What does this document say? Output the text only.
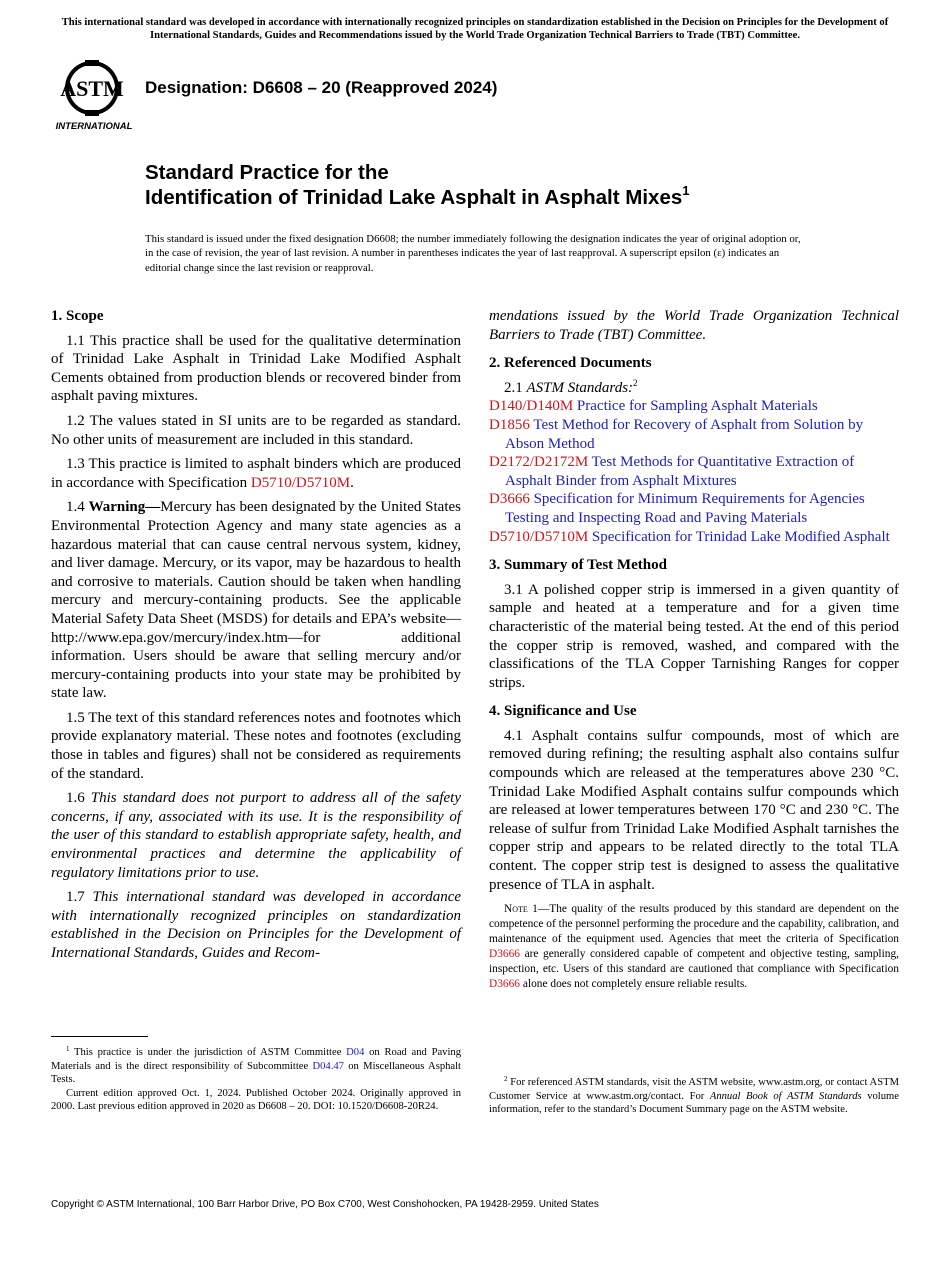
This international standard was developed in accordance with internationally recognized principles on standardization established in the Decision on Principles for the Development of International Standards, Guides and Recommendations issued by the World Trade Organization Technical Barriers to Trade (TBT) Committee.
ASTM
INTERNATIONAL
Designation: D6608 – 20 (Reapproved 2024)
Standard Practice for the
Identification of Trinidad Lake Asphalt in Asphalt Mixes$^1$
This standard is issued under the fixed designation D6608; the number immediately following the designation indicates the year of original adoption or, in the case of revision, the year of last revision. A number in parentheses indicates the year of last reapproval. A superscript epsilon (ε) indicates an editorial change since the last revision or reapproval.

1. Scope

1.1 This practice shall be used for the qualitative determination of Trinidad Lake Asphalt in Trinidad Lake Modified Asphalt Cements obtained from production blends or recovered binder from asphalt paving mixtures.

1.2 The values stated in SI units are to be regarded as standard. No other units of measurement are included in this standard.

1.3 This practice is limited to asphalt binders which are produced in accordance with Specification D5710/D5710M.

1.4 Warning—Mercury has been designated by the United States Environmental Protection Agency and many state agencies as a hazardous material that can cause central nervous system, kidney, and liver damage. Mercury, or its vapor, may be hazardous to health and corrosive to materials. Caution should be taken when handling mercury and mercury-containing products. See the applicable Material Safety Data Sheet (MSDS) for details and EPA’s website—http://www.epa.gov/mercury/index.htm—for additional information. Users should be aware that selling mercury and/or mercury-containing products into your state may be prohibited by state law.

1.5 The text of this standard references notes and footnotes which provide explanatory material. These notes and footnotes (excluding those in tables and figures) shall not be considered as requirements of the standard.

1.6 This standard does not purport to address all of the safety concerns, if any, associated with its use. It is the responsibility of the user of this standard to establish appropriate safety, health, and environmental practices and determine the applicability of regulatory limitations prior to use.

1.7 This international standard was developed in accordance with internationally recognized principles on standardization established in the Decision on Principles for the Development of International Standards, Guides and Recom-

$^1$ This practice is under the jurisdiction of ASTM Committee D04 on Road and Paving Materials and is the direct responsibility of Subcommittee D04.47 on Miscellaneous Asphalt Tests.

Current edition approved Oct. 1, 2024. Published October 2024. Originally approved in 2000. Last previous edition approved in 2020 as D6608 – 20. DOI: 10.1520/D6608-20R24.

mendations issued by the World Trade Organization Technical Barriers to Trade (TBT) Committee.

2. Referenced Documents

2.1 ASTM Standards:$^2$

D140/D140M Practice for Sampling Asphalt Materials

D1856 Test Method for Recovery of Asphalt from Solution by Abson Method

D2172/D2172M Test Methods for Quantitative Extraction of Asphalt Binder from Asphalt Mixtures

D3666 Specification for Minimum Requirements for Agencies Testing and Inspecting Road and Paving Materials

D5710/D5710M Specification for Trinidad Lake Modified Asphalt

3. Summary of Test Method

3.1 A polished copper strip is immersed in a given quantity of sample and heated at a temperature and for a given time characteristic of the material being tested. At the end of this period the copper strip is removed, washed, and compared with the classifications of the TLA Copper Tarnishing Ranges for copper strips.

4. Significance and Use

4.1 Asphalt contains sulfur compounds, most of which are removed during refining; the resulting asphalt also contains sulfur compounds which are released at the temperatures above 230 °C. Trinidad Lake Modified Asphalt contains sulfur compounds which are released at lower temperatures between 170 °C and 230 °C. The release of sulfur from Trinidad Lake Modified Asphalt tarnishes the copper strip and appears to be related directly to the total TLA content. The copper strip test is designed to assess the qualitative presence of TLA in asphalt.

Note 1—The quality of the results produced by this standard are dependent on the competence of the personnel performing the procedure and the capability, calibration, and maintenance of the equipment used. Agencies that meet the criteria of Specification D3666 are generally considered capable of competent and objective testing, sampling, inspection, etc. Users of this standard are cautioned that compliance with Specification D3666 alone does not completely ensure reliable results.

$^2$ For referenced ASTM standards, visit the ASTM website, www.astm.org, or contact ASTM Customer Service at www.astm.org/contact. For Annual Book of ASTM Standards volume information, refer to the standard’s Document Summary page on the ASTM website.

Copyright © ASTM International, 100 Barr Harbor Drive, PO Box C700, West Conshohocken, PA 19428-2959. United States
